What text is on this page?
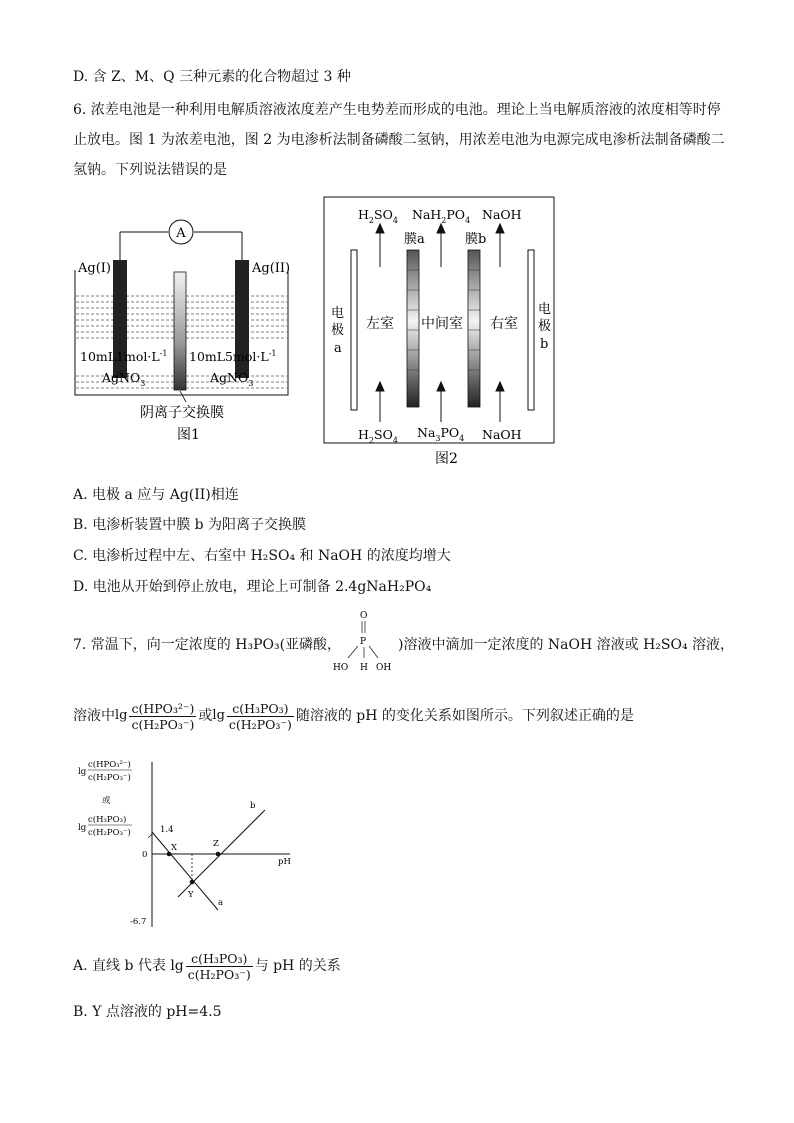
D. 含 Z、M、Q 三种元素的化合物超过 3 种
6. 浓差电池是一种利用电解质溶液浓度差产生电势差而形成的电池。理论上当电解质溶液的浓度相等时停
止放电。图 1 为浓差电池，图 2 为电渗析法制备磷酸二氢钠，用浓差电池为电源完成电渗析法制备磷酸二
氢钠。下列说法错误的是
A
Ag(I)	Ag(II)
$10mL1mol\cdot L^{-1}$
AgNO$_3$
$10mL5mol\cdot L^{-1}$
AgNO$_3$
阴离子交换膜
图1
$H_2SO_4$ $NaH_2PO_4$ NaOH
膜a	膜b
电
极
a
电
极
b
左室 中间室 右室
$H_2SO_4$
$Na_3PO_4$ NaOH
图2
A. 电极 a 应与 Ag(II)相连
B. 电渗析装置中膜 b 为阳离子交换膜
C. 电渗析过程中左、右室中 H₂SO₄ 和 NaOH 的浓度均增大
D. 电池从开始到停止放电，理论上可制备 2.4gNaH₂PO₄
7. 常温下，向一定浓度的 H₃PO₃(亚磷酸，
O
P
HO H OH
)溶液中滴加一定浓度的 NaOH 溶液或 H₂SO₄ 溶液，
溶液中 $\lg \frac{\text{c(HPO₃²⁻)}}{\text{c(H₂PO₃⁻)}}$ 或 $\lg \frac{\text{c(H₃PO₃)}}{\text{c(H₂PO₃⁻)}}$ 随溶液的 pH 的变化关系如图所示。下列叙述正确的是
lg
c(HPO₃²⁻)
c(H₂PO₃⁻)
或
lg
c(H₃PO₃)
c(H₂PO₃⁻)
pH
1.4
0
-6.7
a
b
X
Y
Z
A. 直线 b 代表 $\lg \frac{\text{c(H₃PO₃)}}{\text{c(H₂PO₃⁻)}}$ 与 pH 的关系
B. Y 点溶液的 pH=4.5
